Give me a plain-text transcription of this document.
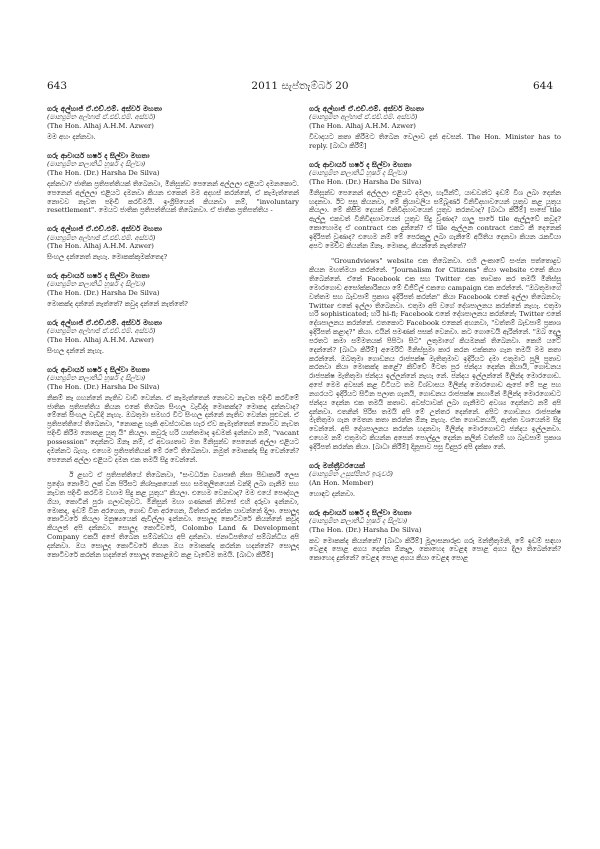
643	2011 සැප්තැම්බර් 20	644
ගරු අල්හාජ් ඒ.එච්.එම්. අස්වර් මහතා
(මාන්‍යුමිත අල්හාජ් ඒ.එච්.එම්. අස්වර්)
(The Hon. Alhaj A.H.M. Azwer)
මම අහං දන්නවා.
ගරු ආචාර්ය හර්ෂ ද සිල්වා මහතා
(මාන්‍යුමිත කලාතිධි හූර්ෂ ද සිල්වා)
(The Hon. (Dr.) Harsha De Silva)
දන්නවා? ජාතික ප්‍රතිපත්තියක් තිබෙනවා, මිනිසුන්ව පෙනෙන් අල්ලලා එළියට දමනකොට. පෙනෙන් අල්ලලා එළියට දමනවා කියන එකෙන් මම අදහස් කරන්නේ, ඒ කැමැත්තෙන් නොවව නැවත පදිංචි කරවීමයි. ඉංග්‍රීසියෙන් කියනවා නම්, "involuntary resettlement". මෙයට ජාතික ප්‍රතිපත්තියක් තිබෙනවා. ඒ ජාතික ප්‍රතිපත්තිය -
ගරු අල්හාජ් ඒ.එච්.එම්. අස්වර් මහතා
(මාන්‍යුමිත අල්හාජ් ඒ.එච්.එම්. අස්වර්)
(The Hon. Alhaj A.H.M. Azwer)
සිංහල දන්නෙත් නැහැ. මොකක්කුමක්තෙද?
ගරු ආචාර්ය හර්ෂ ද සිල්වා මහතා
(මාන්‍යුමිත කලාතිධි හූර්ෂ ද සිල්වා)
(The Hon. (Dr.) Harsha De Silva)
මොකක්ද දන්නේ නැත්තේ? කවුද දන්නේ නැත්තේ?
ගරු අල්හාජ් ඒ.එච්.එම්. අස්වර් මහතා
(මාන්‍යුමිත අල්හාජ් ඒ.එච්.එම්. අස්වර්)
(The Hon. Alhaj A.H.M. Azwer)
සිංහල දන්නේ නැහැ.
ගරු ආචාර්ය හර්ෂ ද සිල්වා මහතා
(මාන්‍යුමිත කලාතිධි හූර්ෂ ද සිල්වා)
(The Hon. (Dr.) Harsha De Silva)
නිකම් කෑ ගහන්නේ නැතිව වාඩි වෙන්න. ඒ කැමැත්තෙන් නොවව නැවත පදිංචි කරවීමේ ජාතික ප්‍රතිපත්තිය කියන එකේ තිබෙන සිංහල වැඩිද්‍ද මොකක්ද? මොකද දන්නවාද? මේකේ සිංහල වැඩිදි නැහැ. ඔබතුමා සමහර විට සිංහල දන්නේ නැතිව වෙන්න පුළුවන්. ඒ ප්‍රතිපත්තියේ තිබෙනවා, "නොකළ හැකි අවස්ථාවක හැර ඒව කැමැත්තෙන් නොවව නැවත පදිංචි කිරීම නොකළ යුතු යි" කියලා. කවුරු හරි යාන්තමාද ඉඩමක් ඉන්නවා නම්, "vacant possession" දෙන්නට ඕනෑ නම්, ඒ අවශ්‍යතාව මත මිනිසුන්ව පෙනෙන් අල්ලා එළියට දමන්නට බැහැ. එහෙම ප්‍රතිපත්තියක් මේ රටේ තිබෙනවා. නමුත් මොකක්ද සිදු වෙන්නේ? පෙනෙන් අල්ලා එළියට දමන එක තමයි සිදු වෙන්නේ.
ඊ ළඟට ඒ ප්‍රතිපත්තියේ තිබෙනවා, "සංවර්ධන ව්‍යාපෘති නිසා පීඩාකාරී ලෙස ප්‍රදේශ නොමිට ලක් වන පිරිසට නිශ්සෑකයෙන් සහ සමතුලිතයෙන් වන්දි ලබා ගැනීම සහ නැවත පදිංචි කරවීම වහාම සිදු කළ යුතුය" කියලා. එහෙම වෙනවාද? මම එයේ පෞද්ගල ගියා, කොටින් පුරා ගලාවතුවට. මිනිසුන් මහා ගණනක් නිවසේ එහි දරුවා ඉන්නවා, මොකද, ඉඩම් වින අරගෙන, ගොඩ විත අරගෙන, බිත්තර කරන්න යාවන්නේ දිලා. සොලූද කොටිවරේ කියලා මනුෂ්‍යයෙක් ඇවිල්ලා ඉන්නවා. සොලූද කොටිවරේ කියන්නේ කවුද කියලත් අපි දන්නවා. සොලූද කොටිවරේ, Colombo Land & Development Company එකයි අපේ තිබෙන සම්බන්ධය අපි දන්නවා. ජනාධිපතිගේ සම්බන්ධිය අපි දන්නවා. ඔය සොලූද කොටිවරේ කියන ඔය මොකක්ද කරන්න හදන්නේ? සොලූද කොටිවරේ කරන්න හදන්නේ සොලූද කොළඹට කළ වැඩේම තමයි. [බාධා කිරීම්]
ගරු අල්හාජ් ඒ.එච්.එම්. අස්වර් මහතා
(මාන්‍යුමිත අල්හාජ් ඒ.එච්.එම්. අස්වර්)
(The Hon. Alhaj A.H.M. Azwer)
විවාදයට කතා කිරීමට තිබෙන වෙලාව දැන් අවසන්. The Hon. Minister has to reply. [බාධා කිරීම්]
ගරු ආචාර්ය හර්ෂ ද සිල්වා මහතා
(මාන්‍යුමිත කලාතිධි හූර්ෂ ද සිල්වා)
(The Hon. (Dr.) Harsha De Silva)
මිනිසුන්ව පෙනෙන් අල්ලලා එළියට දමලා, හැයින්ට්, යාඩවන්ට ඉඩම් විශ ලබා දෙන්න හදනවා. ඊට පසු කියනවා, මේ ක්‍රියාවලිය සම්බූර්ණ විනිවිදභාවයෙන් යුතුව කළ යුතුය කියලා. මේ කිසිම දෙයක් විනිවිදභාවයෙන් යුතුව කරනවාද? [බාධා කිරීම්] පාසේ tile ඇල්ලූ එකවත් විනිවිදභාවයෙන් යුතුව සිදු වුණාද? ගාලු පාරේ tile ඇල්ලූවේ කවුද? කොහොමද ඒ contract එක දුන්නේ? ඒ tile ඇල්ලන contract එකට කී දෙනෙක් ඉදිරිපත් වුණාද? එහෙම නම් මේ පෙරකුලු ලබා ගැනීමේ අයිතිය දෙනවා කියන රැකවියා අපට මෙච්ච කියන්න ඕනෑ. මොකද, කියන්නේ නැත්තේ?
"Groundviews" website එක තිබෙනවා. එහි ලංකාවේ සංජන පත්තොදුව කියන මහත්මයා කරන්නේ. "Journalism for Citizens" කියා website එකේ කියා තිබෙන්නේ. ඒකේ Facebook එක සහ Twitter එක තාවකා කර තමයි මිනිස්සු මොරගොඩ අසෝක්කාරිකයා මේ ඩිජිට්ල් එකගෙ campaign එක කරන්නේ. "ඔබතුමාගේ වත්තම සහ බැඩපාම් ප්‍රකාශ ඉදිරිපත් කරන්න" කියා Facebook එකේ ඉල්ලා තිබෙනවා; Twitter එකේ ඉල්ලා තිබෙනවා. එතුමා අපි වගේ දේශපාලනය කරන්නේ නැහැ. එතුමා හරි sophisticated; හරි hi-fi; Facebook එකේ දේශපාලනය කරන්නේ; Twitter එකේ දේශපාලනය කරන්නේ. එතකොට Facebook එකෙන් අහනවා, "වත්තම් බැඩපාම් ප්‍රකාශ ඉදිරිපත් කළාද?" කියා. එයින් පමණක් පසක් වෙනවා. කට ගොවෙයි ඇරින්නේ. "ඔබ දෙලූ පරතට කමා සම්මතයක් පිපිටා සිට" ලතුමාගේ කියමනක් තිබෙනවා. කෙහි යටේ දෙන්නේ? [බාධා කිරීම්] අමෙරිට් මිනිස්සුමා කාර කරන එක්කනා ගැන තමයි මම කතා කරන්නේ. ඔබතුමා ගොඩනය රාජපක්ෂ මැතිතුමාව ඉදිරියට දමා එතුමාට පුලි ප්‍රතාව කරනවා කියා මොකක්ද කළේ? කිව්වේ මිටත පුර ජන්දය දෙන්න කියායි, ගොඩනය රාජපක්ෂ මැතිතුමා ජන්දය ඉල්ලන්නේ නැහැ නේ. ජන්දය ඉල්ලන්නේ මිලින්ද මොරගොඩ. අපේ මෙම අවසන් කළ විටියට තම විශ්වාසය මිලින්ද මොරගොඩ ඇපේ මේ පළ පහ නගරයට ඉදිරියට සිටින පලාත ගැනයි, ගොඩනය රාජපක්ෂ නහාමින් මිලින්ද මොරගොඩට ජන්දය දෙන්න එක තමයි කතාව. අවස්ථාවක් ලබා ගැනීමට අවශ්‍ය දෙන්නට නම් අපි දන්නවා. එතනින් පිරිස තමයි අපි මේ උත්තර දෙන්නේ. අපිට ගොඩනය රාජපක්ෂ මැතිතුමා ගැන මෙතන කතා කරන්න ඕනෑ නැහැ. ඒක ගොඩනයයි, ඇත්ත වශයෙන්ම සිදු වෙන්නේ. අපි දේශපාලනය කරන්න හදනවා; මිලින්ද මොරගොඩට ජන්දය ඉල්ලනවා. එහෙම නම් එතුමාට කියන්න අපෙන් පොල්දුල දෙන්න කලින් වත්තම් හා බැඩපාම් ප්‍රකාශ ඉදිරිපත් කරන්න කියා. [බාධා කිරීම්] දිනූපාව පසු විදුපුර අපි දැක්කා නේ.
ගරු මන්ත්‍රීවරයෙක්
(මාන්‍යුමිත උසුප්පිනර් ඉරුවර්)
(An Hon. Member)
හොඳට දන්නවා.
ගරු ආචාර්ය හර්ෂ ද සිල්වා මහතා
(මාන්‍යුමිත කලාතිධි හූර්ෂ ද සිල්වා)
(The Hon. (Dr.) Harsha De Silva)
කව මොකක්ද කියන්නේ? [බාධා කිරීම්] මූලාසනාරූඪ ගරු මන්ත්‍රීතුමනි, මේ ඉඩම් සඳහා වෙළඳ පොළ අගය දෙන්න ඕනෑලූ. කොහෙද වෙළඳ පොළ අගය දීලා තිබෙන්නේ? කොහෙද දුන්නේ? වෙළඳ පොළ අගය කියා වෙළඳ පොළ
